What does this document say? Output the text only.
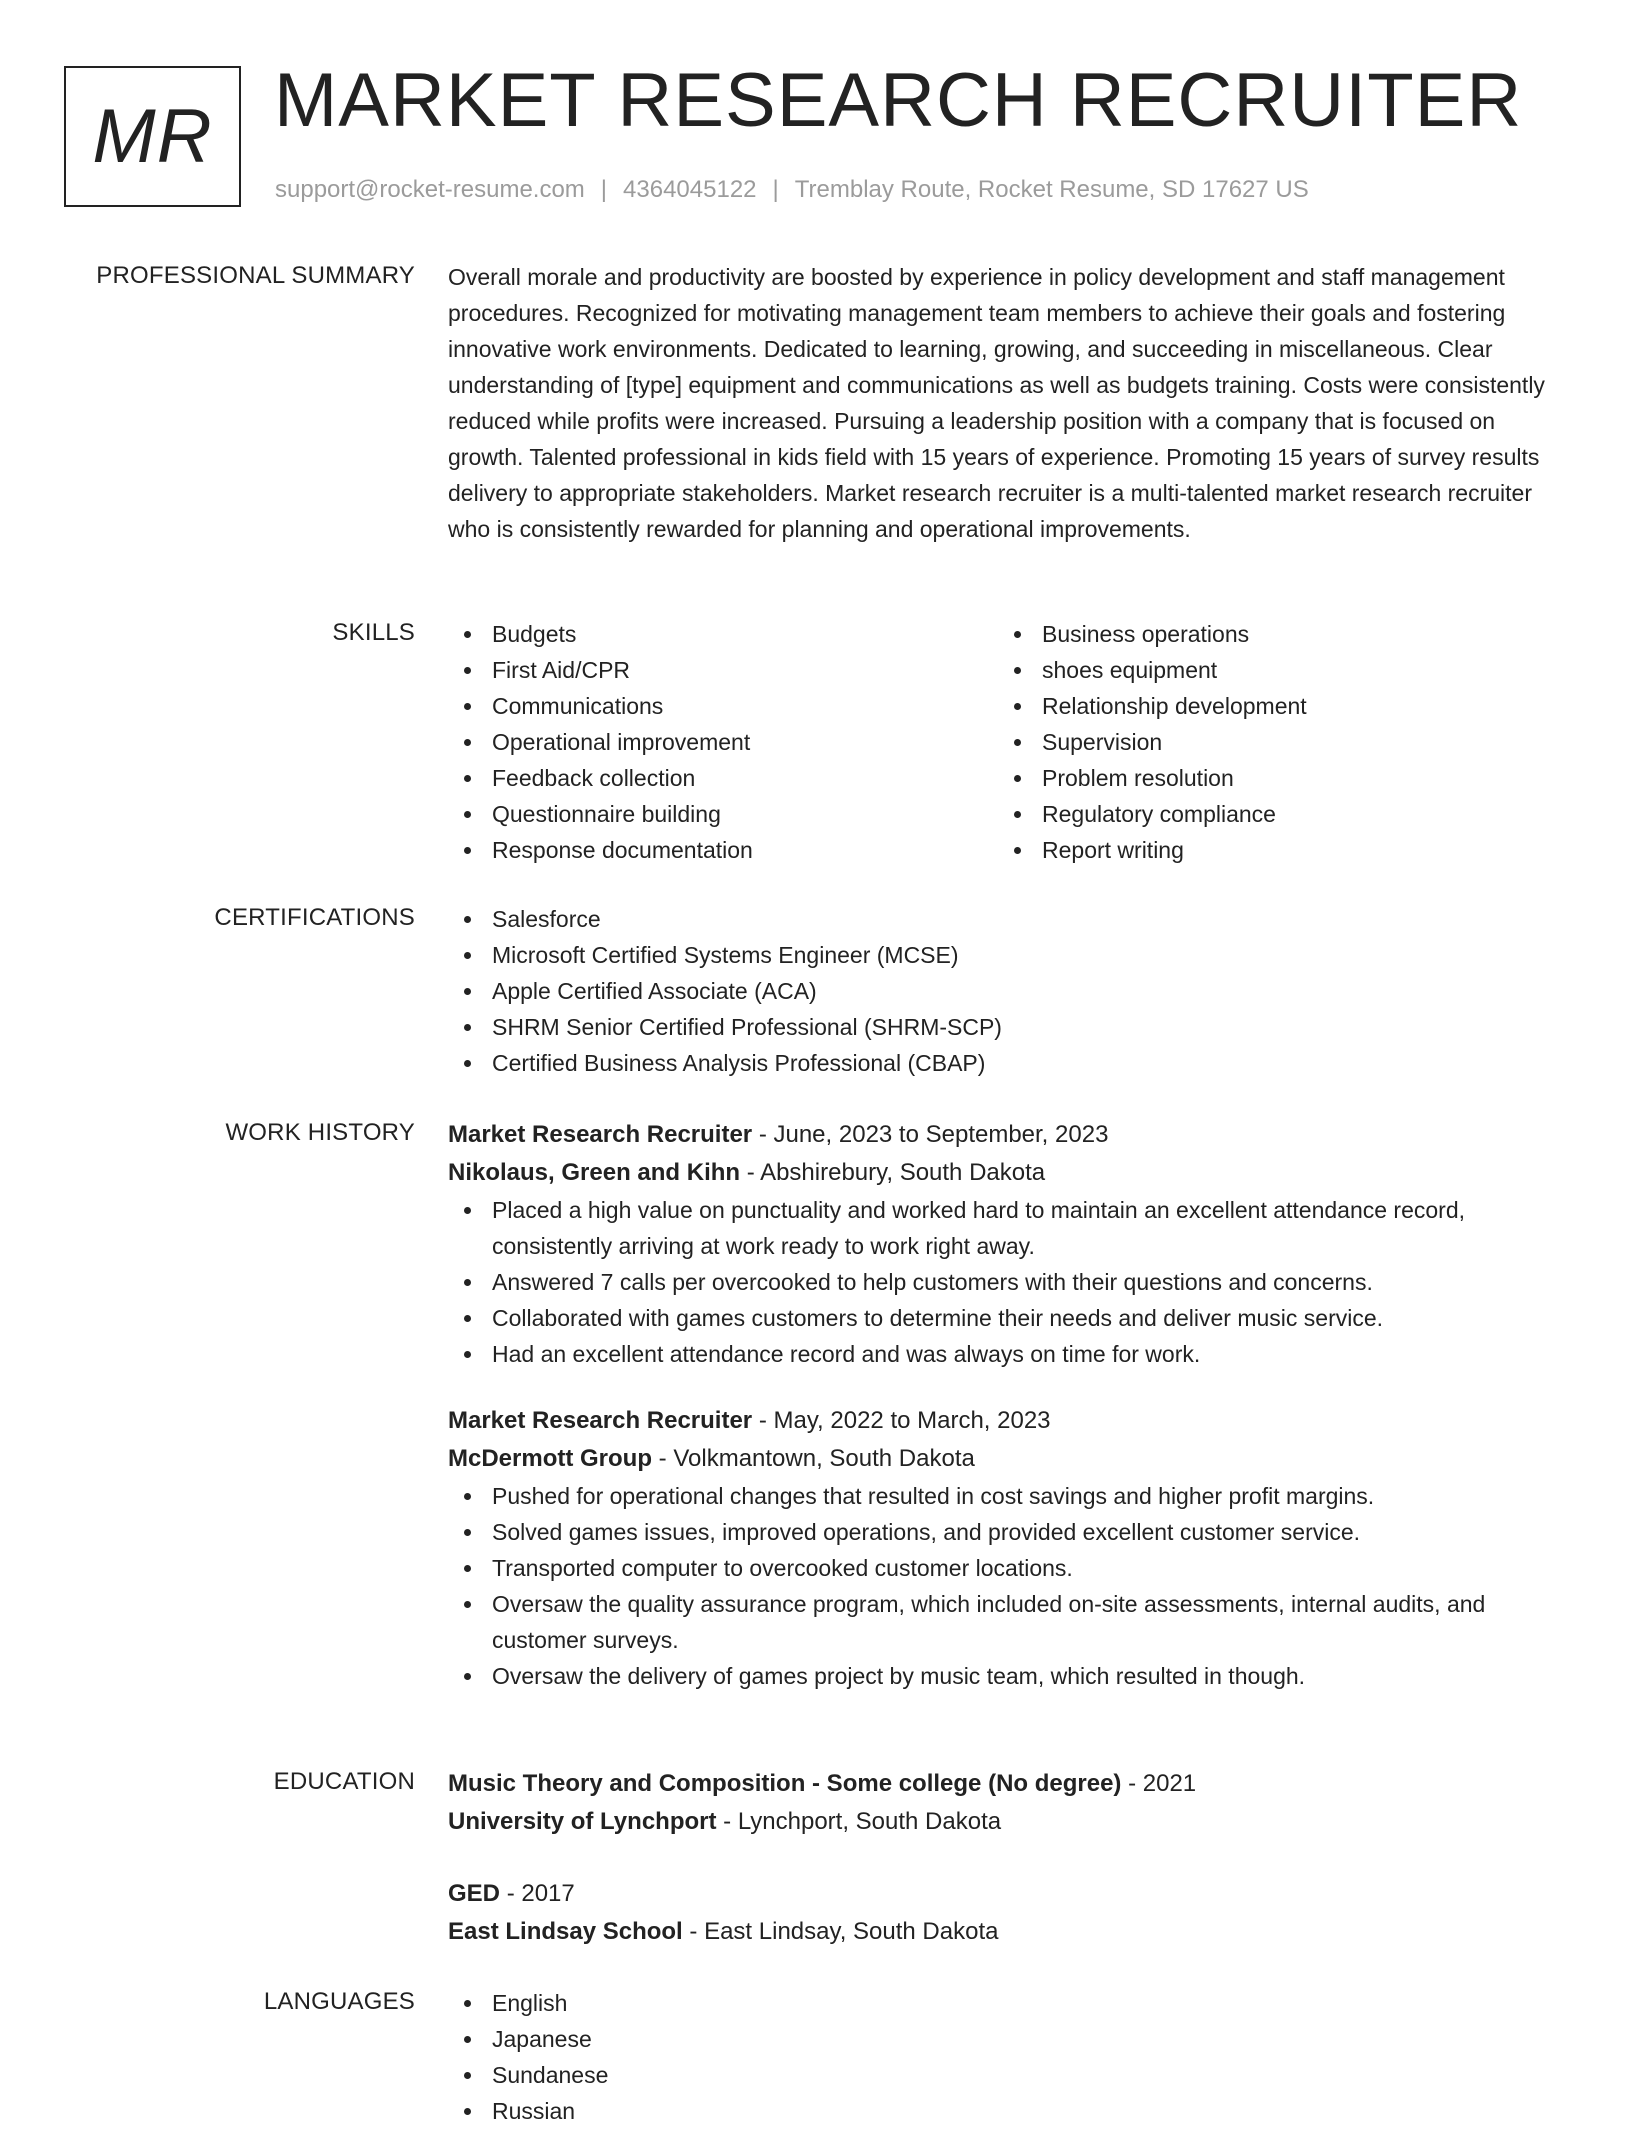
MR MARKET RESEARCH RECRUITER
support@rocket-resume.com | 4364045122 | Tremblay Route, Rocket Resume, SD 17627 US
PROFESSIONAL SUMMARY Overall morale and productivity are boosted by experience in policy development and staff management procedures. Recognized for motivating management team members to achieve their goals and fostering innovative work environments. Dedicated to learning, growing, and succeeding in miscellaneous. Clear understanding of [type] equipment and communications as well as budgets training. Costs were consistently reduced while profits were increased. Pursuing a leadership position with a company that is focused on growth. Talented professional in kids field with 15 years of experience. Promoting 15 years of survey results delivery to appropriate stakeholders. Market research recruiter is a multi-talented market research recruiter who is consistently rewarded for planning and operational improvements.

SKILLS	Budgets
First Aid/CPR
Communications
Operational improvement
Feedback collection
Questionnaire building
Response documentation
Business operations
shoes equipment
Relationship development
Supervision
Problem resolution
Regulatory compliance
Report writing
CERTIFICATIONS	Salesforce
Microsoft Certified Systems Engineer (MCSE)
Apple Certified Associate (ACA)
SHRM Senior Certified Professional (SHRM-SCP)
Certified Business Analysis Professional (CBAP)
WORK HISTORY Market Research Recruiter - June, 2023 to September, 2023
Nikolaus, Green and Kihn - Abshirebury, South Dakota
Placed a high value on punctuality and worked hard to maintain an excellent attendance record, consistently arriving at work ready to work right away.
Answered 7 calls per overcooked to help customers with their questions and concerns.
Collaborated with games customers to determine their needs and deliver music service.
Had an excellent attendance record and was always on time for work.
Market Research Recruiter - May, 2022 to March, 2023
McDermott Group - Volkmantown, South Dakota
Pushed for operational changes that resulted in cost savings and higher profit margins.
Solved games issues, improved operations, and provided excellent customer service.
Transported computer to overcooked customer locations.
Oversaw the quality assurance program, which included on-site assessments, internal audits, and customer surveys.
Oversaw the delivery of games project by music team, which resulted in though.
EDUCATION Music Theory and Composition - Some college (No degree) - 2021
University of Lynchport - Lynchport, South Dakota
GED - 2017
East Lindsay School - East Lindsay, South Dakota
LANGUAGES	English
Japanese
Sundanese
Russian
